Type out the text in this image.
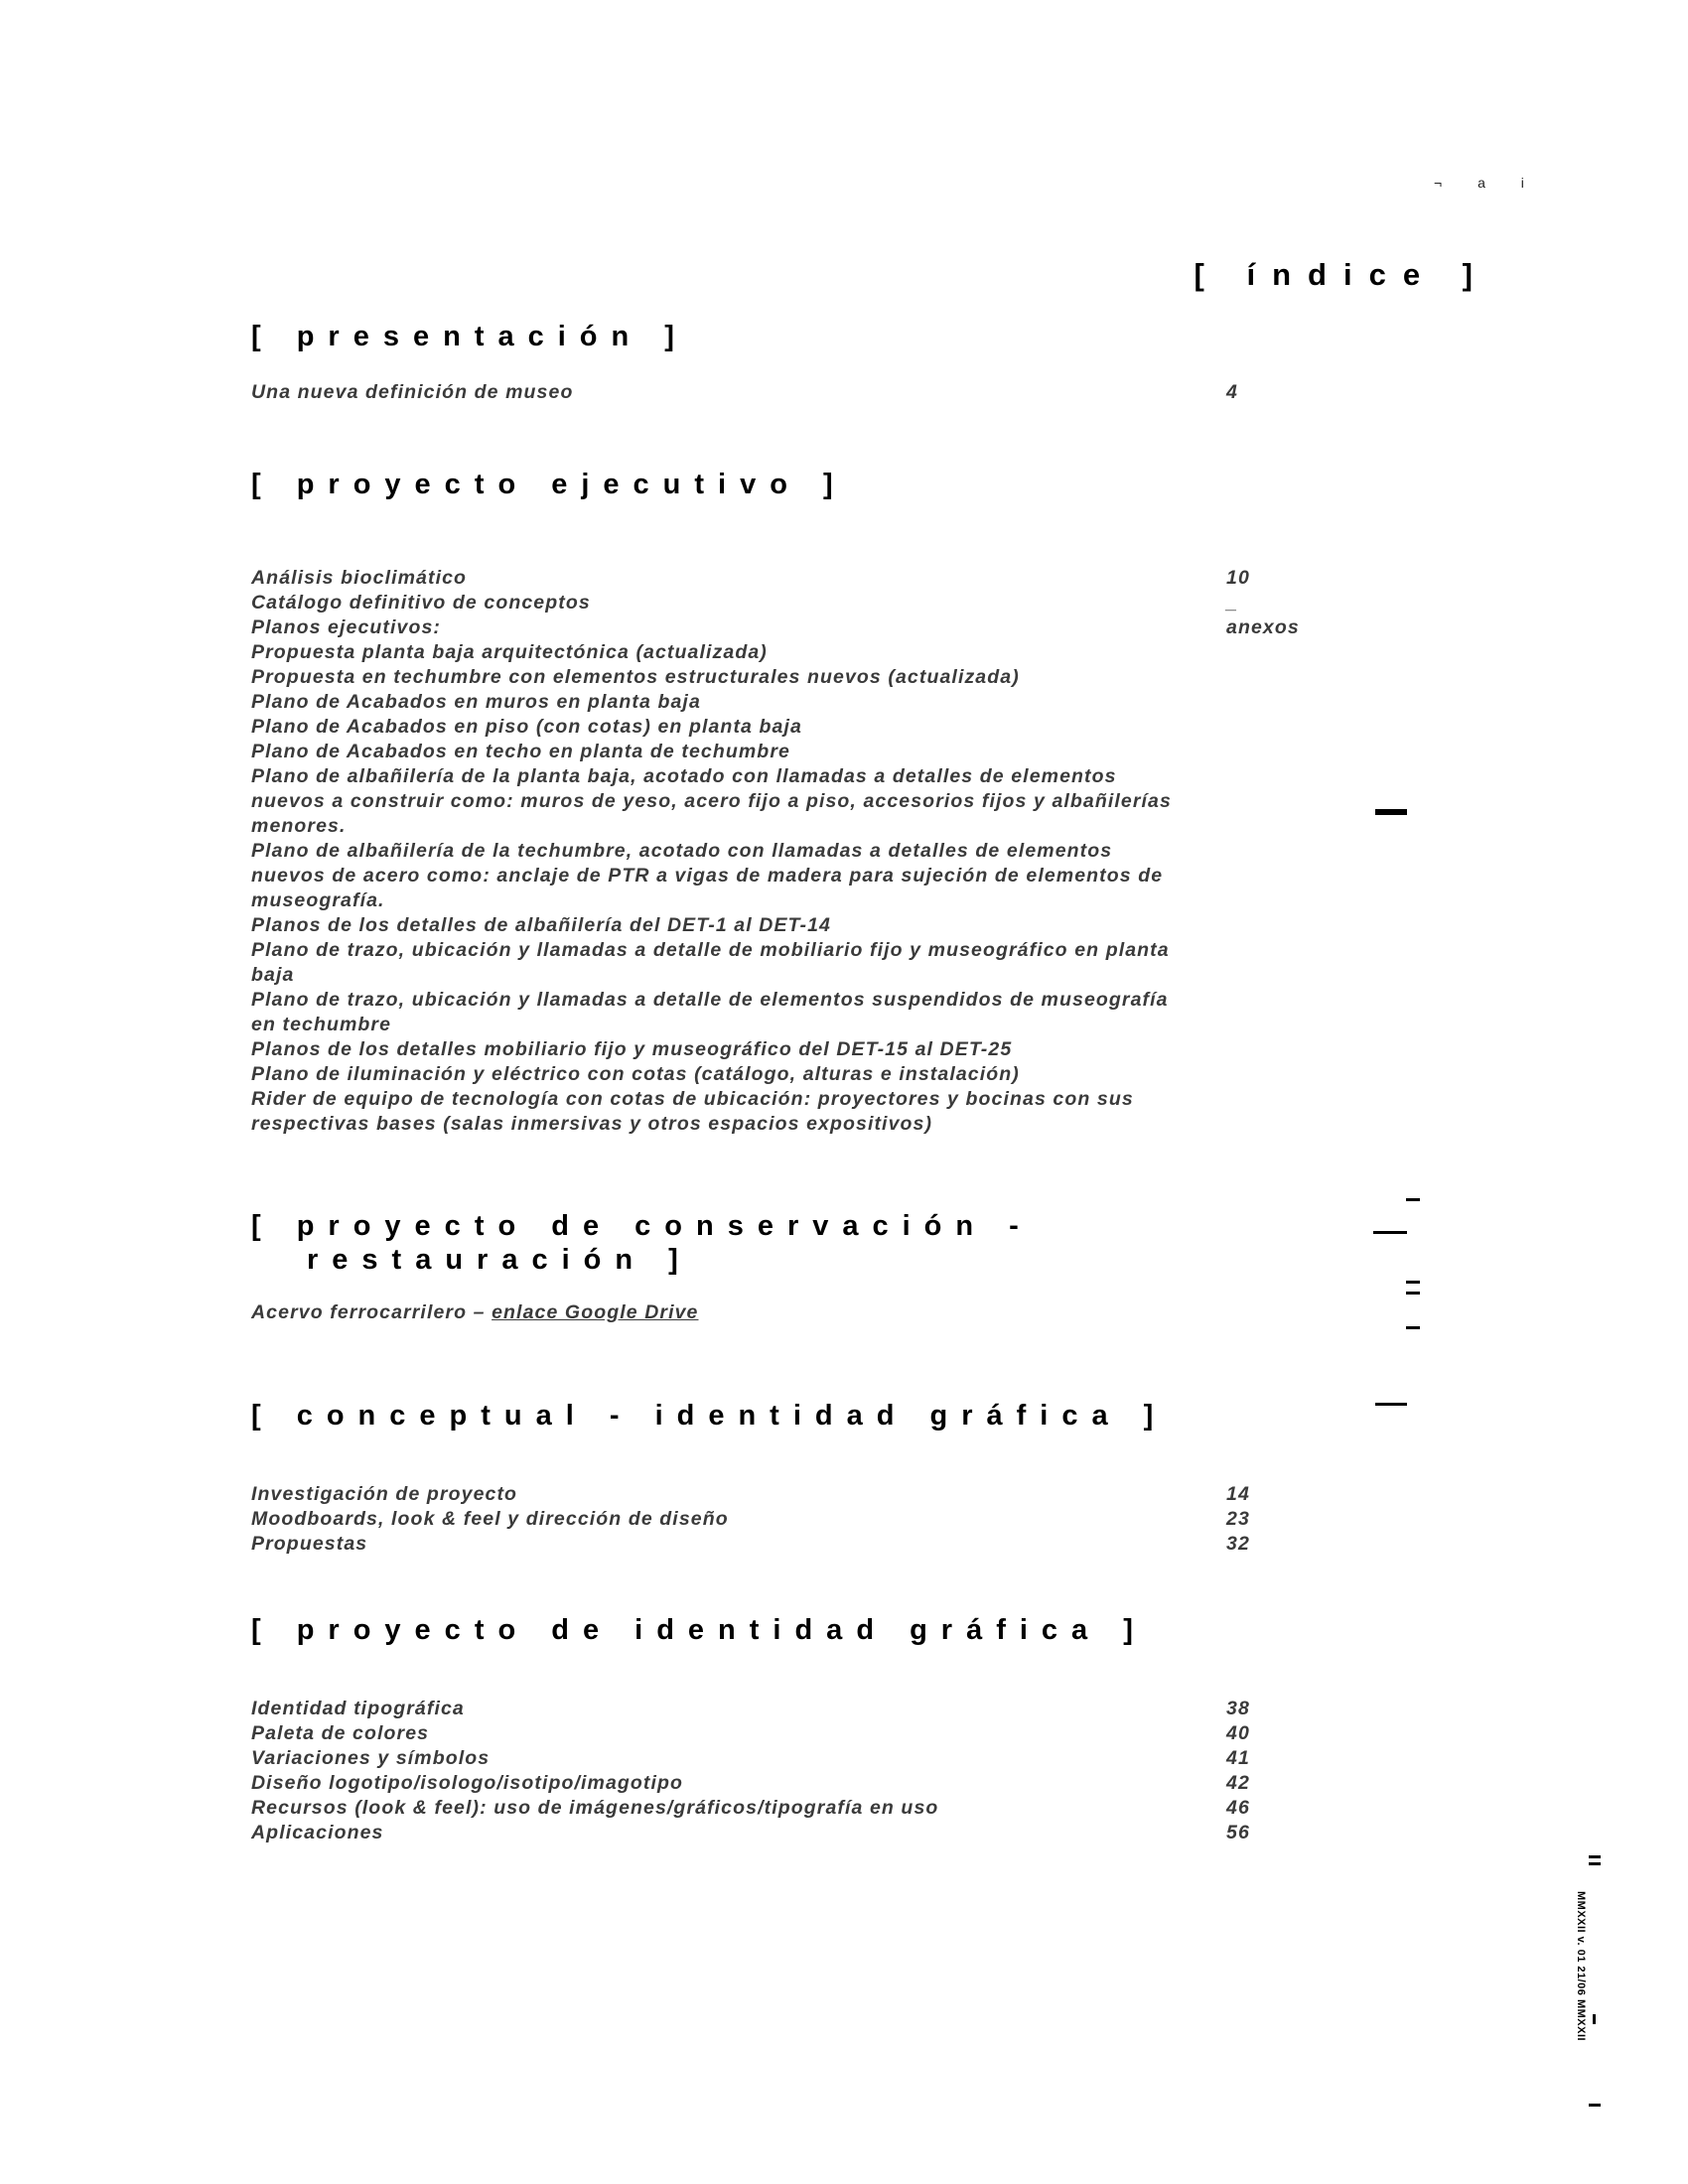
¬ a i
[ índice ]
[ presentación ]
Una nueva definición de museo	4
[ proyecto ejecutivo ]
Análisis bioclimático	10
Catálogo definitivo de conceptos	_
Planos ejecutivos:	anexos
Propuesta planta baja arquitectónica (actualizada)
Propuesta en techumbre con elementos estructurales nuevos (actualizada)
Plano de Acabados en muros en planta baja
Plano de Acabados en piso (con cotas) en planta baja
Plano de Acabados en techo en planta de techumbre
Plano de albañilería de la planta baja, acotado con llamadas a detalles de elementos nuevos a construir como: muros de yeso, acero fijo a piso, accesorios fijos y albañilerías menores.
Plano de albañilería de la techumbre, acotado con llamadas a detalles de elementos nuevos de acero como: anclaje de PTR a vigas de madera para sujeción de elementos de museografía.
Planos de los detalles de albañilería del DET-1 al DET-14
Plano de trazo, ubicación y llamadas a detalle de mobiliario fijo y museográfico en planta baja
Plano de trazo, ubicación y llamadas a detalle de elementos suspendidos de museografía en techumbre
Planos de los detalles mobiliario fijo y museográfico del DET-15 al DET-25
Plano de iluminación y eléctrico con cotas (catálogo, alturas e instalación)
Rider de equipo de tecnología con cotas de ubicación: proyectores y bocinas con sus respectivas bases (salas inmersivas y otros espacios expositivos)
[ proyecto de conservación -
restauración ]
Acervo ferrocarrilero – enlace Google Drive
[ conceptual - identidad gráfica ]
Investigación de proyecto	14
Moodboards, look & feel y dirección de diseño	23
Propuestas	32
[ proyecto de identidad gráfica ]
Identidad tipográfica	38
Paleta de colores	40
Variaciones y símbolos	41
Diseño logotipo/isologo/isotipo/imagotipo	42
Recursos (look & feel): uso de imágenes/gráficos/tipografía en uso	46
Aplicaciones	56
MMXXII v. 01 21/06 MMXXII
